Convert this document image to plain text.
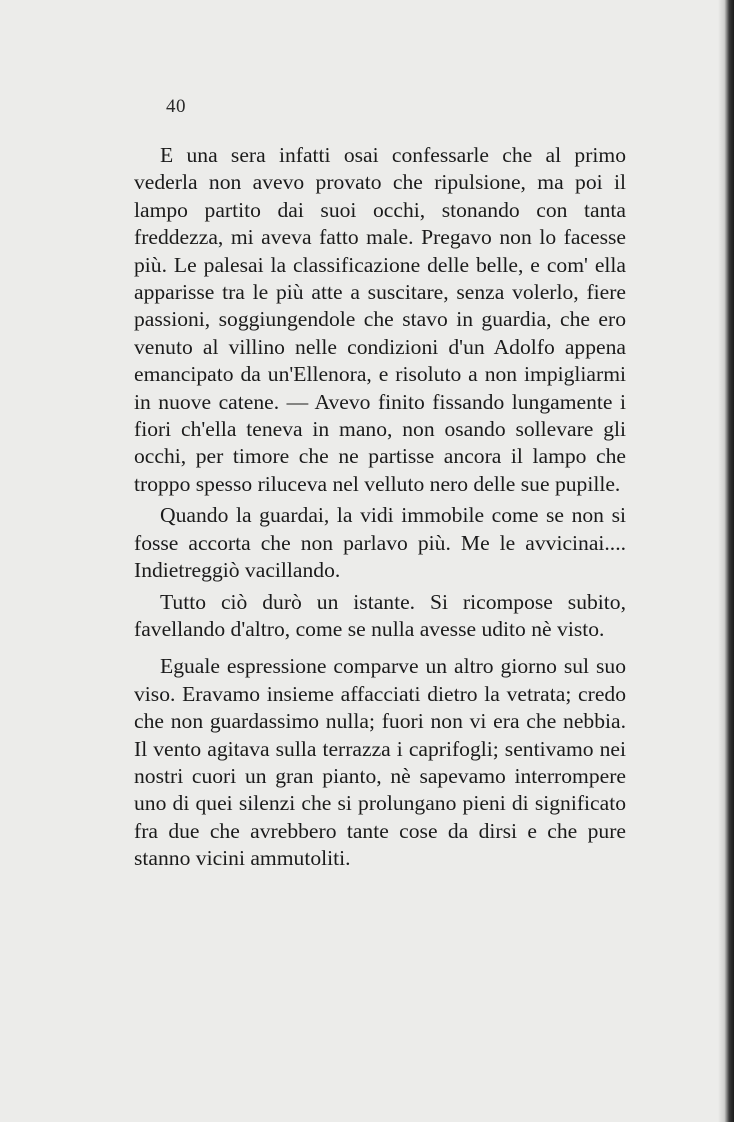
40

E una sera infatti osai confessarle che al primo vederla non avevo provato che ripulsione, ma poi il lampo partito dai suoi occhi, stonando con tanta freddezza, mi aveva fatto male. Pregavo non lo facesse più. Le palesai la classificazione delle belle, e com' ella apparisse tra le più atte a suscitare, senza volerlo, fiere passioni, soggiungendole che stavo in guardia, che ero venuto al villino nelle condizioni d'un Adolfo appena emancipato da un'Ellenora, e risoluto a non impigliarmi in nuove catene. — Avevo finito fissando lungamente i fiori ch'ella teneva in mano, non osando sollevare gli occhi, per timore che ne partisse ancora il lampo che troppo spesso riluceva nel velluto nero delle sue pupille.

Quando la guardai, la vidi immobile come se non si fosse accorta che non parlavo più. Me le avvicinai.... Indietreggiò vacillando.

Tutto ciò durò un istante. Si ricompose subito, favellando d'altro, come se nulla avesse udito nè visto.

Eguale espressione comparve un altro giorno sul suo viso. Eravamo insieme affacciati dietro la vetrata; credo che non guardassimo nulla; fuori non vi era che nebbia. Il vento agitava sulla terrazza i caprifogli; sentivamo nei nostri cuori un gran pianto, nè sapevamo interrompere uno di quei silenzi che si prolungano pieni di significato fra due che avrebbero tante cose da dirsi e che pure stanno vicini ammutoliti.
